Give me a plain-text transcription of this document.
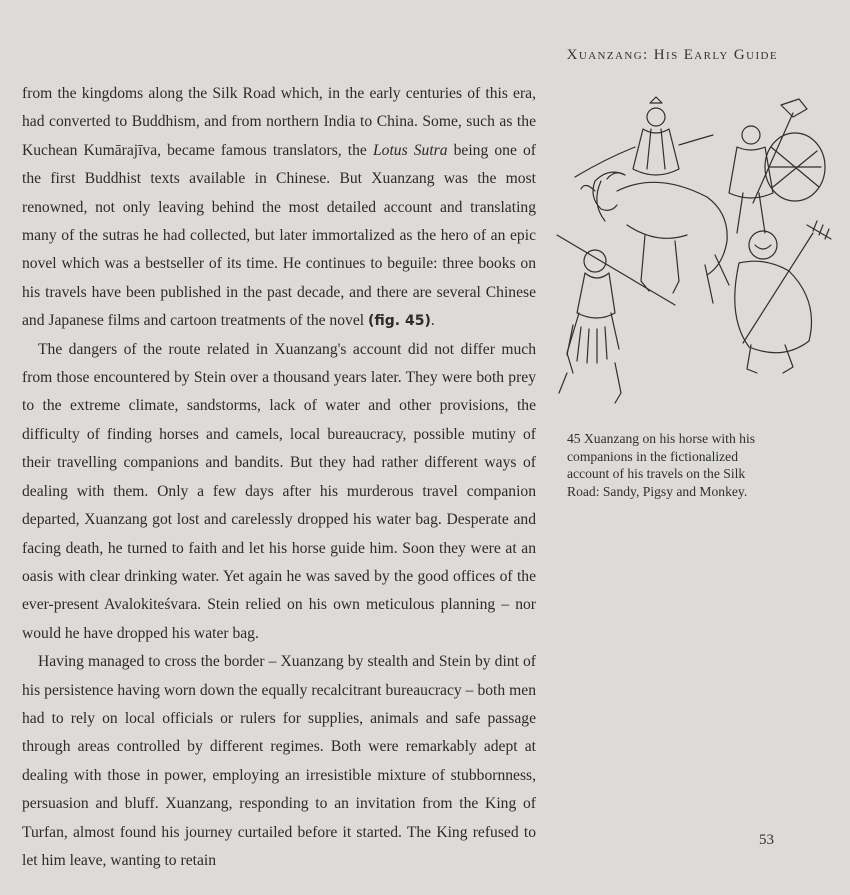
Xuanzang: His Early Guide

from the kingdoms along the Silk Road which, in the early centuries of this era, had converted to Buddhism, and from northern India to China. Some, such as the Kuchean Kumārajīva, became famous translators, the Lotus Sutra being one of the first Buddhist texts available in Chinese. But Xuanzang was the most renowned, not only leaving behind the most detailed account and translating many of the sutras he had collected, but later immortalized as the hero of an epic novel which was a bestseller of its time. He continues to beguile: three books on his travels have been published in the past decade, and there are several Chinese and Japanese films and cartoon treatments of the novel (fig. 45).

The dangers of the route related in Xuanzang's account did not differ much from those encountered by Stein over a thousand years later. They were both prey to the extreme climate, sandstorms, lack of water and other provisions, the difficulty of finding horses and camels, local bureaucracy, possible mutiny of their travelling companions and bandits. But they had rather different ways of dealing with them. Only a few days after his murderous travel companion departed, Xuanzang got lost and carelessly dropped his water bag. Desperate and facing death, he turned to faith and let his horse guide him. Soon they were at an oasis with clear drinking water. Yet again he was saved by the good offices of the ever-present Avalokiteśvara. Stein relied on his own meticulous planning – nor would he have dropped his water bag.

Having managed to cross the border – Xuanzang by stealth and Stein by dint of his persistence having worn down the equally recalcitrant bureaucracy – both men had to rely on local officials or rulers for supplies, animals and safe passage through areas controlled by different regimes. Both were remarkably adept at dealing with those in power, employing an irresistible mixture of stubbornness, persuasion and bluff. Xuanzang, responding to an invitation from the King of Turfan, almost found his journey curtailed before it started. The King refused to let him leave, wanting to retain

45 Xuanzang on his horse with his companions in the fictionalized account of his travels on the Silk Road: Sandy, Pigsy and Monkey.
53
